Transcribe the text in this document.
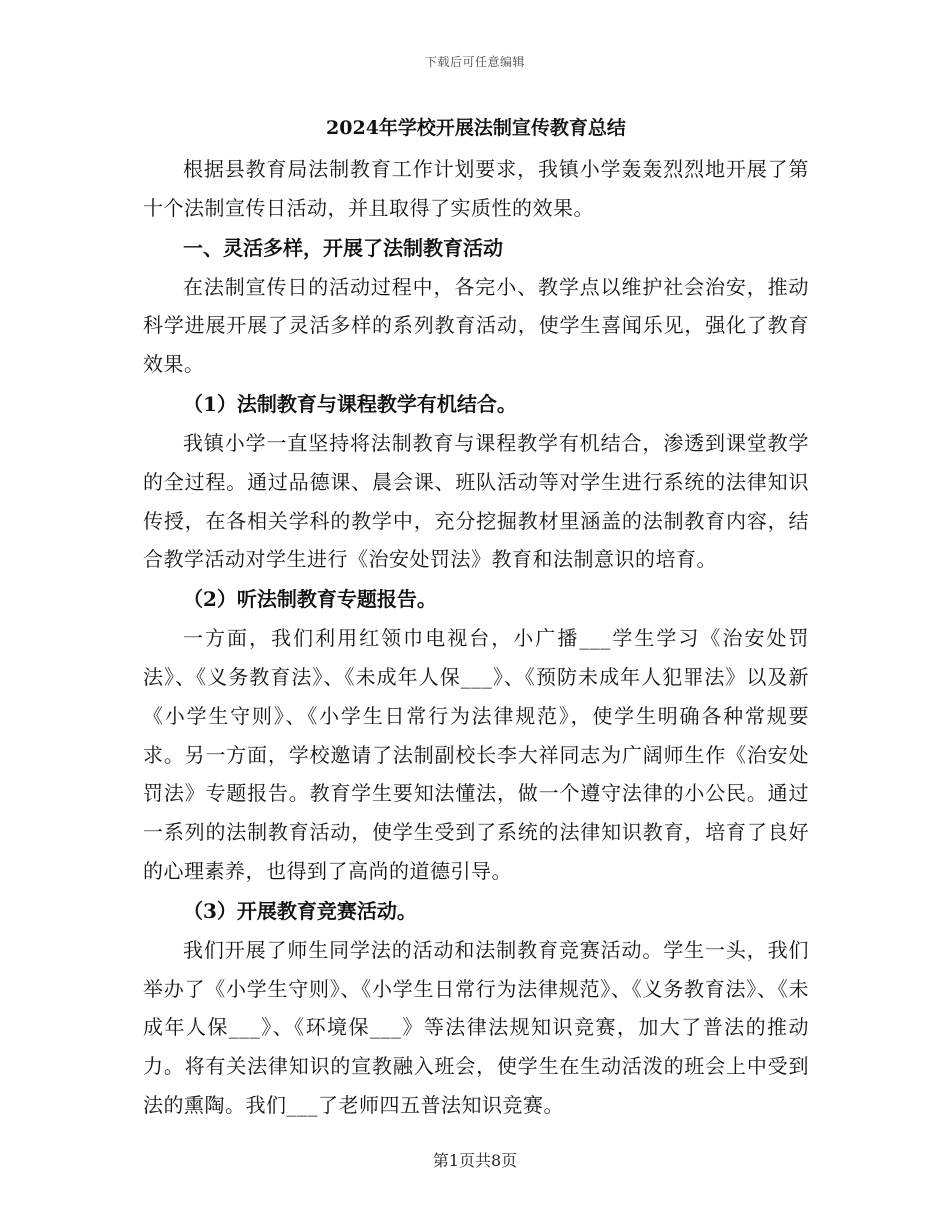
下载后可任意编辑
2024年学校开展法制宣传教育总结

根据县教育局法制教育工作计划要求，我镇小学轰轰烈烈地开展了第十个法制宣传日活动，并且取得了实质性的效果。

一、灵活多样，开展了法制教育活动

在法制宣传日的活动过程中，各完小、教学点以维护社会治安，推动科学进展开展了灵活多样的系列教育活动，使学生喜闻乐见，强化了教育效果。

（1）法制教育与课程教学有机结合。

我镇小学一直坚持将法制教育与课程教学有机结合，渗透到课堂教学的全过程。通过品德课、晨会课、班队活动等对学生进行系统的法律知识传授，在各相关学科的教学中，充分挖掘教材里涵盖的法制教育内容，结合教学活动对学生进行《治安处罚法》教育和法制意识的培育。

（2）听法制教育专题报告。

一方面，我们利用红领巾电视台，小广播___学生学习《治安处罚法》、《义务教育法》、《未成年人保___》、《预防未成年人犯罪法》以及新《小学生守则》、《小学生日常行为法律规范》，使学生明确各种常规要求。另一方面，学校邀请了法制副校长李大祥同志为广阔师生作《治安处罚法》专题报告。教育学生要知法懂法，做一个遵守法律的小公民。通过一系列的法制教育活动，使学生受到了系统的法律知识教育，培育了良好的心理素养，也得到了高尚的道德引导。

（3）开展教育竞赛活动。

我们开展了师生同学法的活动和法制教育竞赛活动。学生一头，我们举办了《小学生守则》、《小学生日常行为法律规范》、《义务教育法》、《未成年人保___》、《环境保___》等法律法规知识竞赛，加大了普法的推动力。将有关法律知识的宣教融入班会，使学生在生动活泼的班会上中受到法的熏陶。我们___了老师四五普法知识竞赛。

第1页共8页
